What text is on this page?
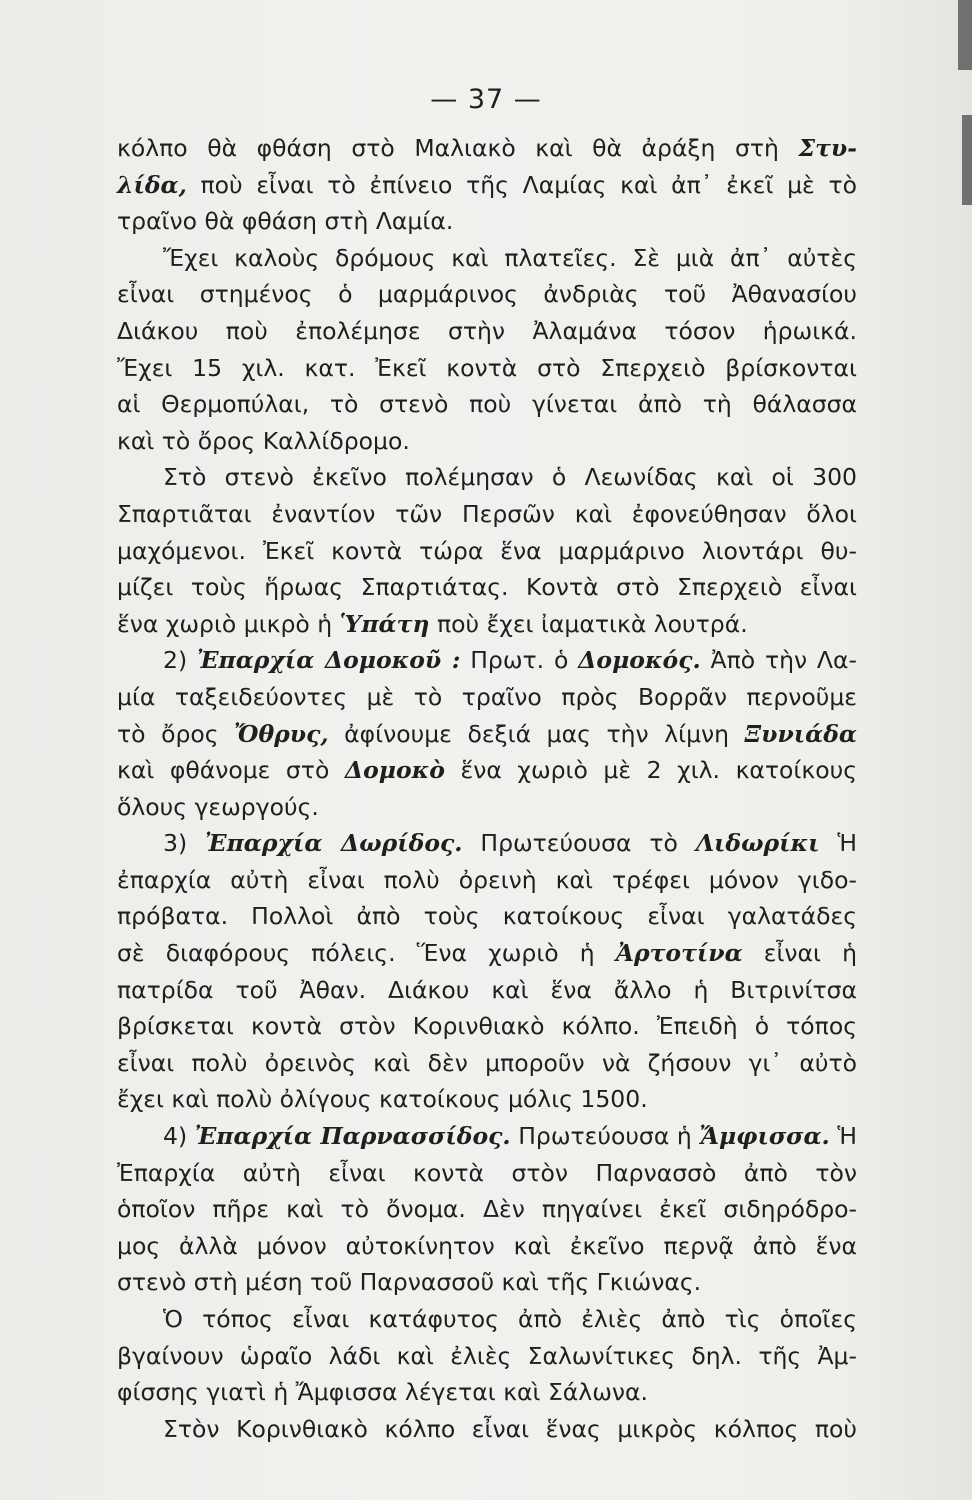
— 37 —
κόλπο θὰ φθάση στὸ Μαλιακὸ καὶ θὰ ἀράξη στὴ Στυ-
λίδα, ποὺ εἶναι τὸ ἐπίνειο τῆς Λαμίας καὶ ἀπ᾽ ἐκεῖ μὲ τὸ
τραῖνο θὰ φθάση στὴ Λαμία.
Ἔχει καλοὺς δρόμους καὶ πλατεῖες. Σὲ μιὰ ἀπ᾽ αὐτὲς
εἶναι στημένος ὁ μαρμάρινος ἀνδριὰς τοῦ Ἀθανασίου
Διάκου ποὺ ἐπολέμησε στὴν Ἀλαμάνα τόσον ἡρωικά.
Ἔχει 15 χιλ. κατ. Ἐκεῖ κοντὰ στὸ Σπερχειὸ βρίσκονται
αἱ Θερμοπύλαι, τὸ στενὸ ποὺ γίνεται ἀπὸ τὴ θάλασσα
καὶ τὸ ὄρος Καλλίδρομο.
Στὸ στενὸ ἐκεῖνο πολέμησαν ὁ Λεωνίδας καὶ οἱ 300
Σπαρτιᾶται ἐναντίον τῶν Περσῶν καὶ ἐφονεύθησαν ὅλοι
μαχόμενοι. Ἐκεῖ κοντὰ τώρα ἕνα μαρμάρινο λιοντάρι θυ-
μίζει τοὺς ἥρωας Σπαρτιάτας. Κοντὰ στὸ Σπερχειὸ εἶναι
ἕνα χωριὸ μικρὸ ἡ Ὑπάτη ποὺ ἔχει ἰαματικὰ λουτρά.
2) Ἐπαρχία Δομοκοῦ : Πρωτ. ὁ Δομοκός. Ἀπὸ τὴν Λα-
μία ταξειδεύοντες μὲ τὸ τραῖνο πρὸς Βορρᾶν περνοῦμε
τὸ ὄρος Ὄθρυς, ἀφίνουμε δεξιά μας τὴν λίμνη Ξυνιάδα
καὶ φθάνομε στὸ Δομοκὸ ἕνα χωριὸ μὲ 2 χιλ. κατοίκους
ὅλους γεωργούς.
3) Ἐπαρχία Δωρίδος. Πρωτεύουσα τὸ Λιδωρίκι Ἡ
ἐπαρχία αὐτὴ εἶναι πολὺ ὀρεινὴ καὶ τρέφει μόνον γιδο-
πρόβατα. Πολλοὶ ἀπὸ τοὺς κατοίκους εἶναι γαλατάδες
σὲ διαφόρους πόλεις. Ἕνα χωριὸ ἡ Ἀρτοτίνα εἶναι ἡ
πατρίδα τοῦ Ἀθαν. Διάκου καὶ ἕνα ἄλλο ἡ Βιτρινίτσα
βρίσκεται κοντὰ στὸν Κορινθιακὸ κόλπο. Ἐπειδὴ ὁ τόπος
εἶναι πολὺ ὀρεινὸς καὶ δὲν μποροῦν νὰ ζήσουν γι᾽ αὐτὸ
ἔχει καὶ πολὺ ὀλίγους κατοίκους μόλις 1500.
4) Ἐπαρχία Παρνασσίδος. Πρωτεύουσα ἡ Ἄμφισσα. Ἡ
Ἐπαρχία αὐτὴ εἶναι κοντὰ στὸν Παρνασσὸ ἀπὸ τὸν
ὁποῖον πῆρε καὶ τὸ ὄνομα. Δὲν πηγαίνει ἐκεῖ σιδηρόδρο-
μος ἀλλὰ μόνον αὐτοκίνητον καὶ ἐκεῖνο περνᾷ ἀπὸ ἕνα
στενὸ στὴ μέση τοῦ Παρνασσοῦ καὶ τῆς Γκιώνας.
Ὁ τόπος εἶναι κατάφυτος ἀπὸ ἐλιὲς ἀπὸ τὶς ὁποῖες
βγαίνουν ὡραῖο λάδι καὶ ἐλιὲς Σαλωνίτικες δηλ. τῆς Ἀμ-
φίσσης γιατὶ ἡ Ἄμφισσα λέγεται καὶ Σάλωνα.
Στὸν Κορινθιακὸ κόλπο εἶναι ἕνας μικρὸς κόλπος ποὺ
